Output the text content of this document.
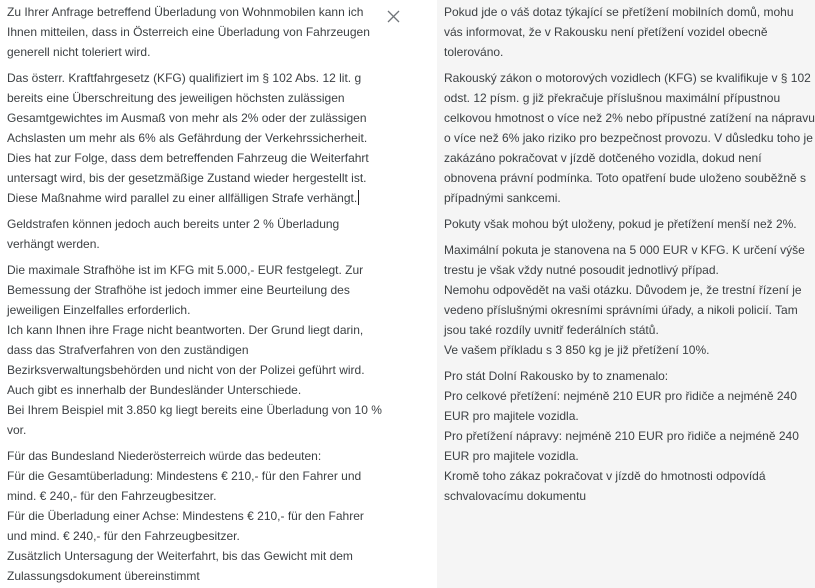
Zu Ihrer Anfrage betreffend Überladung von Wohnmobilen kann ich
Ihnen mitteilen, dass in Österreich eine Überladung von Fahrzeugen
generell nicht toleriert wird.
Das österr. Kraftfahrgesetz (KFG) qualifiziert im § 102 Abs. 12 lit. g
bereits eine Überschreitung des jeweiligen höchsten zulässigen
Gesamtgewichtes im Ausmaß von mehr als 2% oder der zulässigen
Achslasten um mehr als 6% als Gefährdung der Verkehrssicherheit.
Dies hat zur Folge, dass dem betreffenden Fahrzeug die Weiterfahrt
untersagt wird, bis der gesetzmäßige Zustand wieder hergestellt ist.
Diese Maßnahme wird parallel zu einer allfälligen Strafe verhängt.
Geldstrafen können jedoch auch bereits unter 2 % Überladung
verhängt werden.
Die maximale Strafhöhe ist im KFG mit 5.000,- EUR festgelegt. Zur
Bemessung der Strafhöhe ist jedoch immer eine Beurteilung des
jeweiligen Einzelfalles erforderlich.
Ich kann Ihnen ihre Frage nicht beantworten. Der Grund liegt darin,
dass das Strafverfahren von den zuständigen
Bezirksverwaltungsbehörden und nicht von der Polizei geführt wird.
Auch gibt es innerhalb der Bundesländer Unterschiede.
Bei Ihrem Beispiel mit 3.850 kg liegt bereits eine Überladung von 10 %
vor.
Für das Bundesland Niederösterreich würde das bedeuten:
Für die Gesamtüberladung: Mindestens € 210,- für den Fahrer und
mind. € 240,- für den Fahrzeugbesitzer.
Für die Überladung einer Achse: Mindestens € 210,- für den Fahrer
und mind. € 240,- für den Fahrzeugbesitzer.
Zusätzlich Untersagung der Weiterfahrt, bis das Gewicht mit dem
Zulassungsdokument übereinstimmt
Pokud jde o váš dotaz týkající se přetížení mobilních domů, mohu
vás informovat, že v Rakousku není přetížení vozidel obecně
tolerováno.
Rakouský zákon o motorových vozidlech (KFG) se kvalifikuje v § 102
odst. 12 písm. g již překračuje příslušnou maximální přípustnou
celkovou hmotnost o více než 2% nebo přípustné zatížení na nápravu
o více než 6% jako riziko pro bezpečnost provozu. V důsledku toho je
zakázáno pokračovat v jízdě dotčeného vozidla, dokud není
obnovena právní podmínka. Toto opatření bude uloženo souběžně s
případnými sankcemi.
Pokuty však mohou být uloženy, pokud je přetížení menší než 2%.
Maximální pokuta je stanovena na 5 000 EUR v KFG. K určení výše
trestu je však vždy nutné posoudit jednotlivý případ.
Nemohu odpovědět na vaši otázku. Důvodem je, že trestní řízení je
vedeno příslušnými okresními správními úřady, a nikoli policií. Tam
jsou také rozdíly uvnitř federálních států.
Ve vašem příkladu s 3 850 kg je již přetížení 10%.
Pro stát Dolní Rakousko by to znamenalo:
Pro celkové přetížení: nejméně 210 EUR pro řidiče a nejméně 240
EUR pro majitele vozidla.
Pro přetížení nápravy: nejméně 210 EUR pro řidiče a nejméně 240
EUR pro majitele vozidla.
Kromě toho zákaz pokračovat v jízdě do hmotnosti odpovídá
schvalovacímu dokumentu
